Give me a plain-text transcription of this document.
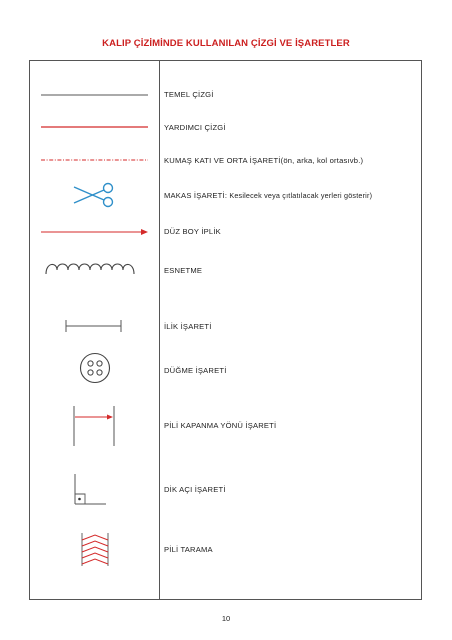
KALIP ÇİZİMİNDE KULLANILAN ÇİZGİ VE İŞARETLER
TEMEL ÇİZGİ
YARDIMCI ÇİZGİ
KUMAŞ KATI VE ORTA İŞARETİ(ön, arka, kol ortasıvb.)
MAKAS İŞARETİ: Kesilecek veya çıtlatılacak yerleri gösterir)
DÜZ BOY İPLİK
ESNETME
İLİK İŞARETİ
DÜĞME İŞARETİ
PİLİ KAPANMA YÖNÜ İŞARETİ
DİK AÇI İŞARETİ
PİLİ TARAMA
10
